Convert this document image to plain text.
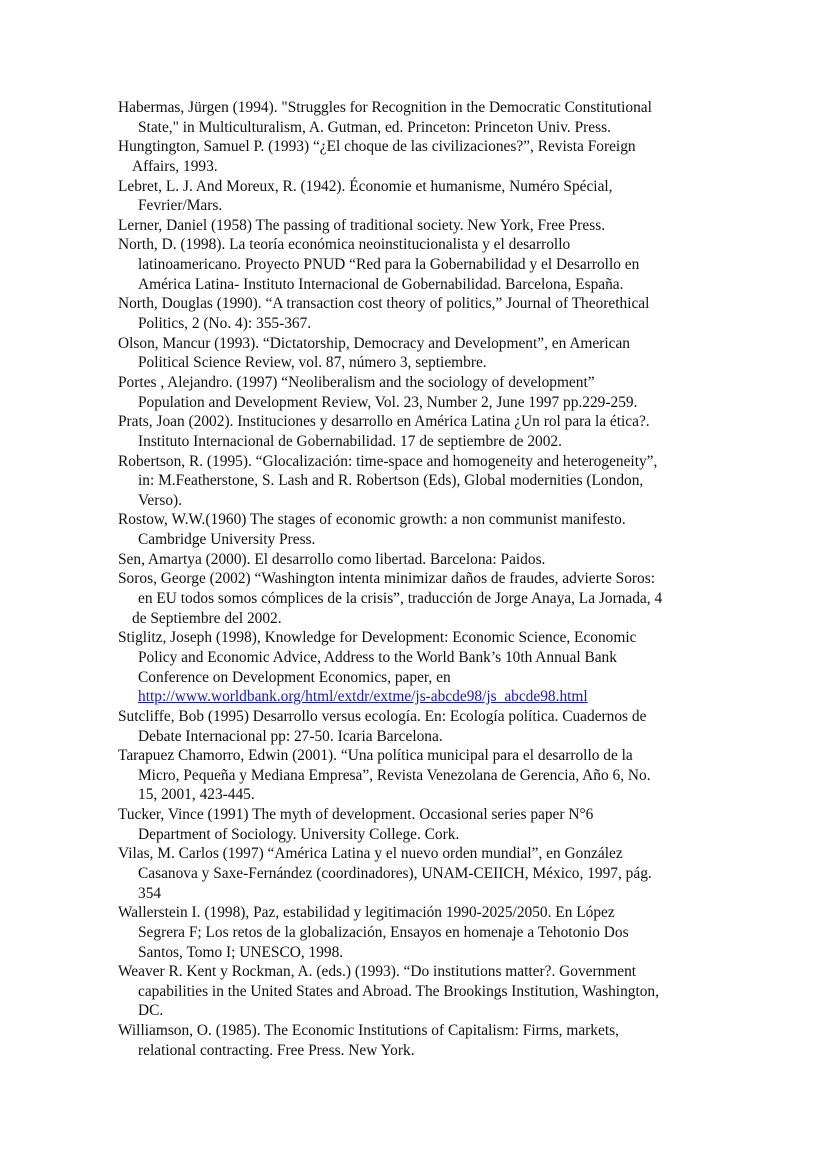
Habermas, Jürgen (1994). "Struggles for Recognition in the Democratic Constitutional
State," in Multiculturalism, A. Gutman, ed. Princeton: Princeton Univ. Press.
Hungtington, Samuel P. (1993) “¿El choque de las civilizaciones?”, Revista Foreign
Affairs, 1993.
Lebret, L. J. And Moreux, R. (1942). Économie et humanisme, Numéro Spécial,
Fevrier/Mars.
Lerner, Daniel (1958) The passing of traditional society. New York, Free Press.
North, D. (1998). La teoría económica neoinstitucionalista y el desarrollo
latinoamericano. Proyecto PNUD “Red para la Gobernabilidad y el Desarrollo en
América Latina- Instituto Internacional de Gobernabilidad. Barcelona, España.
North, Douglas (1990). “A transaction cost theory of politics,” Journal of Theorethical
Politics, 2 (No. 4): 355-367.
Olson, Mancur (1993). “Dictatorship, Democracy and Development”, en American
Political Science Review, vol. 87, número 3, septiembre.
Portes , Alejandro. (1997) “Neoliberalism and the sociology of development”
Population and Development Review, Vol. 23, Number 2, June 1997 pp.229-259.
Prats, Joan (2002). Instituciones y desarrollo en América Latina ¿Un rol para la ética?.
Instituto Internacional de Gobernabilidad. 17 de septiembre de 2002.
Robertson, R. (1995). “Glocalización: time-space and homogeneity and heterogeneity”,
in: M.Featherstone, S. Lash and R. Robertson (Eds), Global modernities (London,
Verso).
Rostow, W.W.(1960) The stages of economic growth: a non communist manifesto.
Cambridge University Press.
Sen, Amartya (2000). El desarrollo como libertad. Barcelona: Paidos.
Soros, George (2002) “Washington intenta minimizar daños de fraudes, advierte Soros:
en EU todos somos cómplices de la crisis”, traducción de Jorge Anaya, La Jornada, 4
de Septiembre del 2002.
Stiglitz, Joseph (1998), Knowledge for Development: Economic Science, Economic
Policy and Economic Advice, Address to the World Bank’s 10th Annual Bank
Conference on Development Economics, paper, en
http://www.worldbank.org/html/extdr/extme/js-abcde98/js_abcde98.html
Sutcliffe, Bob (1995) Desarrollo versus ecología. En: Ecología política. Cuadernos de
Debate Internacional pp: 27-50. Icaria Barcelona.
Tarapuez Chamorro, Edwin (2001). “Una política municipal para el desarrollo de la
Micro, Pequeña y Mediana Empresa”, Revista Venezolana de Gerencia, Año 6, No.
15, 2001, 423-445.
Tucker, Vince (1991) The myth of development. Occasional series paper N°6
Department of Sociology. University College. Cork.
Vilas, M. Carlos (1997) “América Latina y el nuevo orden mundial”, en González
Casanova y Saxe-Fernández (coordinadores), UNAM-CEIICH, México, 1997, pág.
354
Wallerstein I. (1998), Paz, estabilidad y legitimación 1990-2025/2050. En López
Segrera F; Los retos de la globalización, Ensayos en homenaje a Tehotonio Dos
Santos, Tomo I; UNESCO, 1998.
Weaver R. Kent y Rockman, A. (eds.) (1993). “Do institutions matter?. Government
capabilities in the United States and Abroad. The Brookings Institution, Washington,
DC.
Williamson, O. (1985). The Economic Institutions of Capitalism: Firms, markets,
relational contracting. Free Press. New York.
